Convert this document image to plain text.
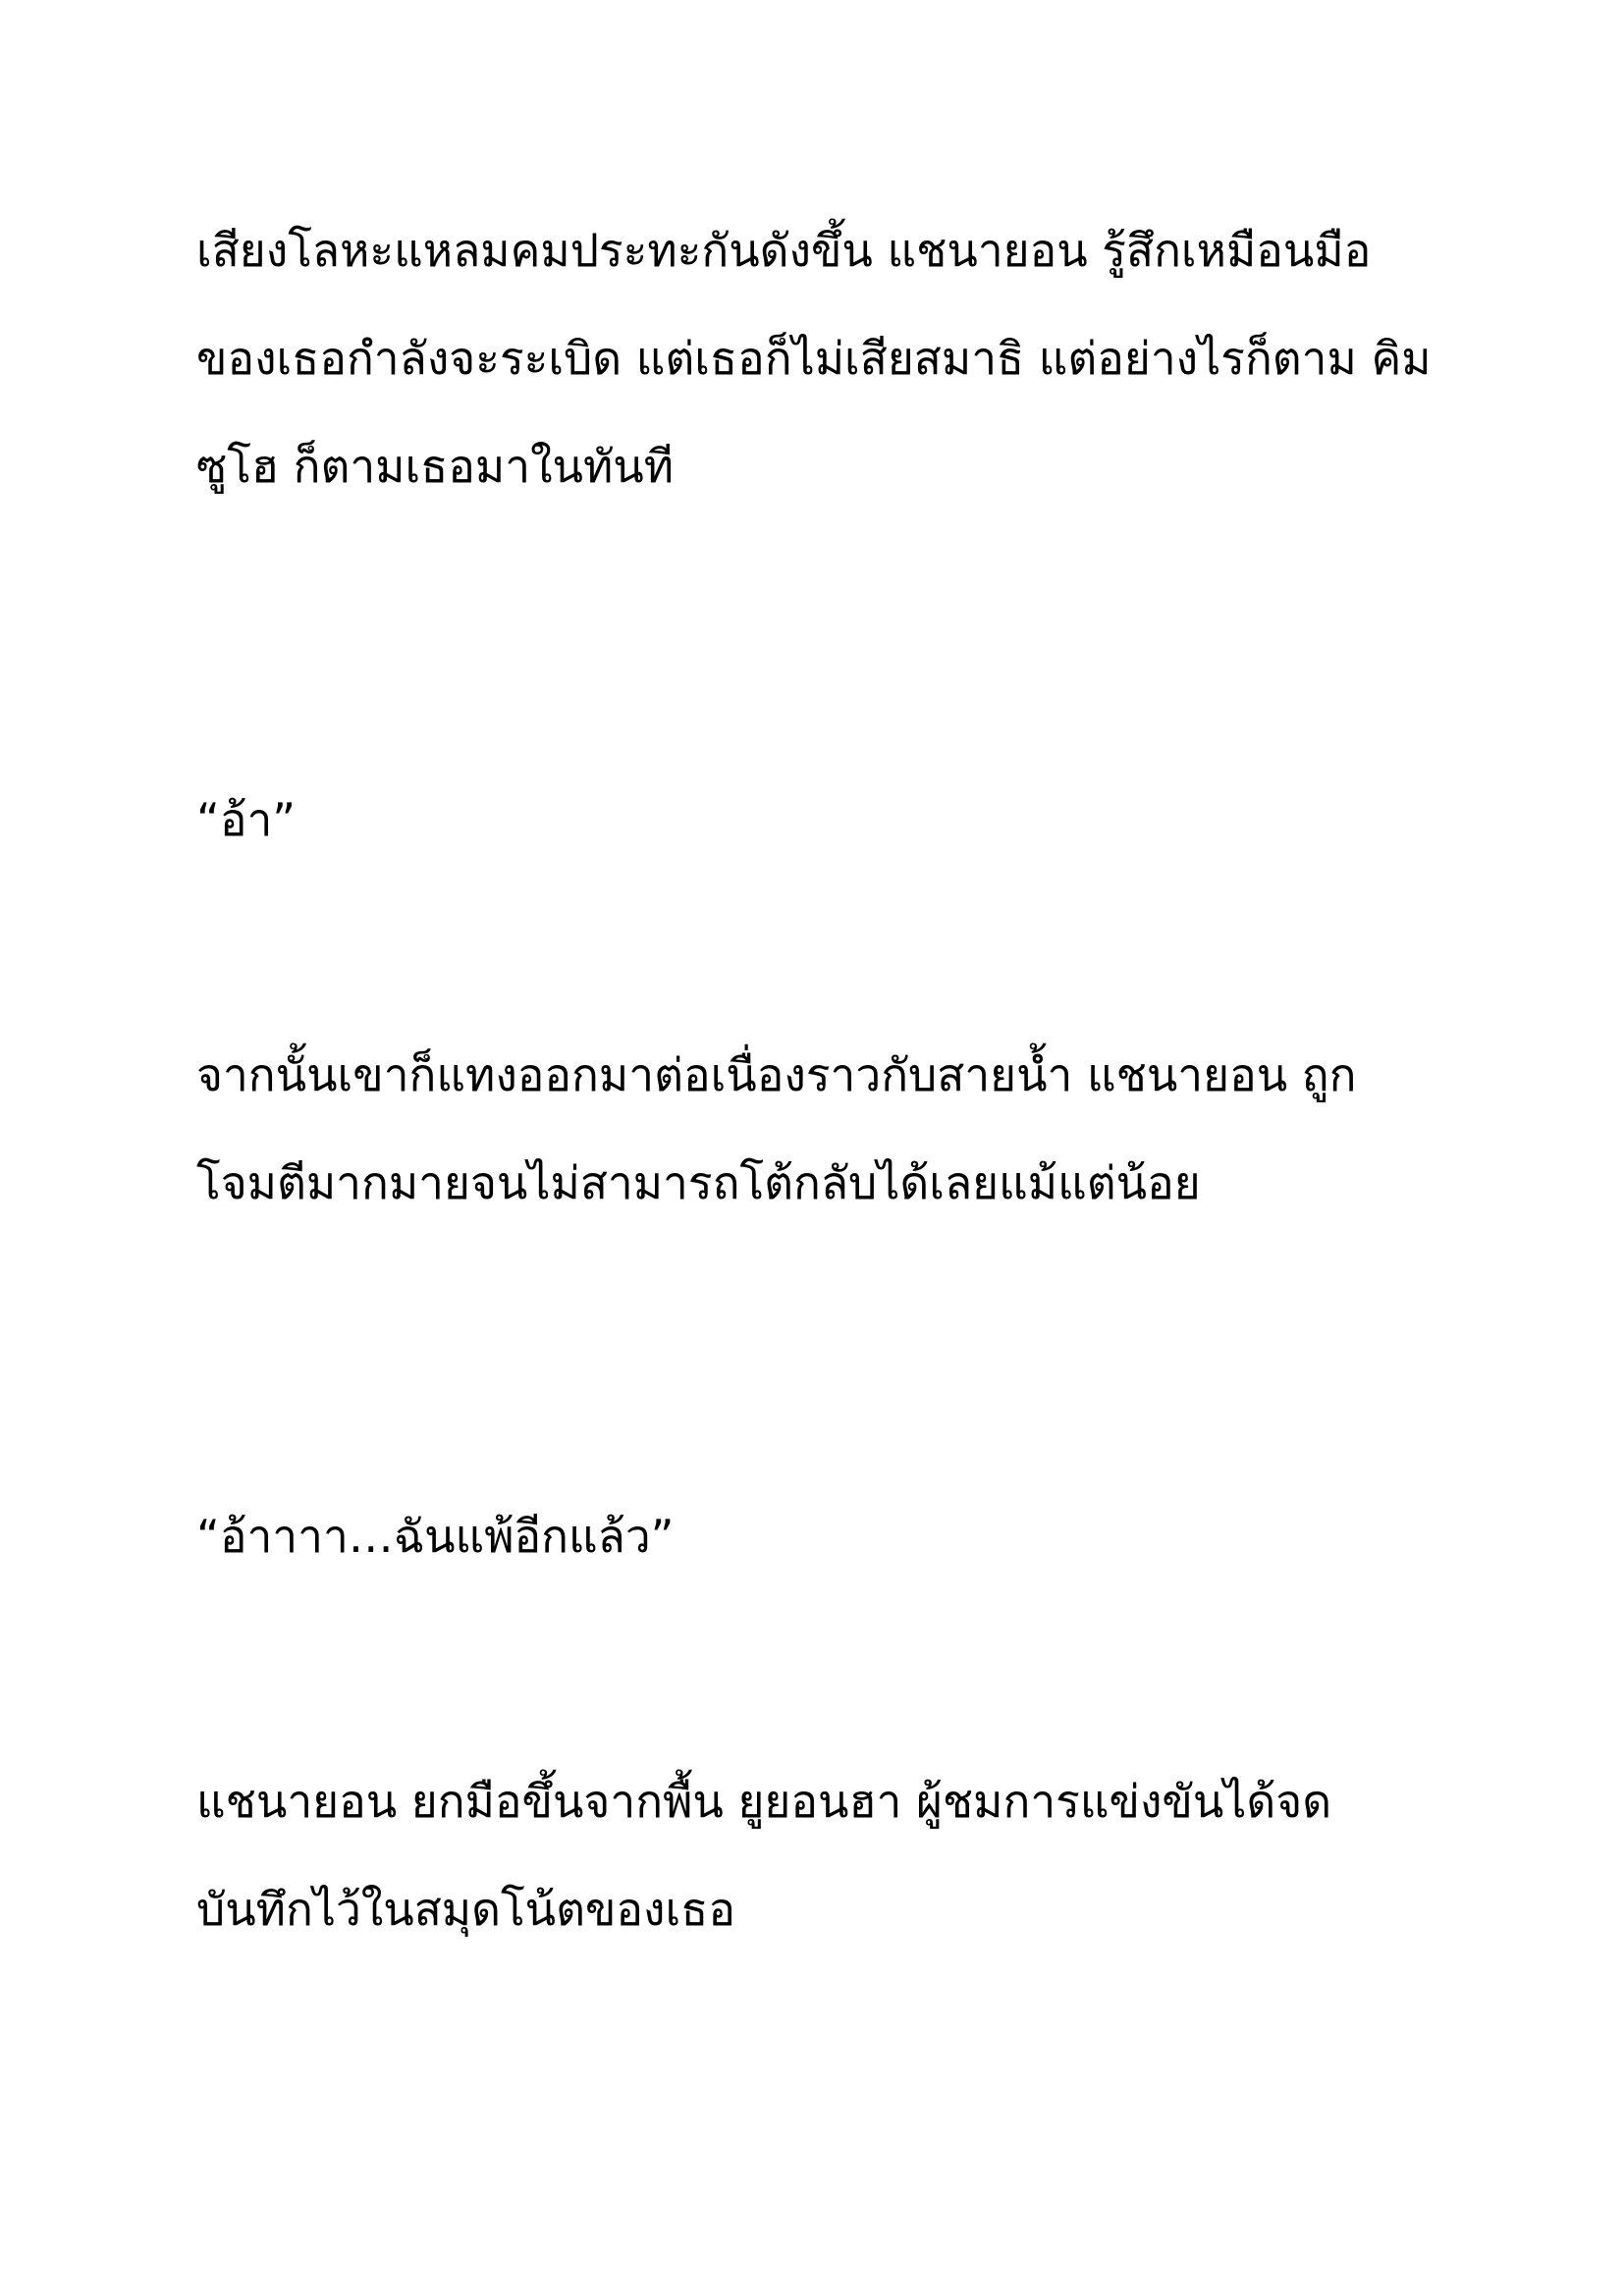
เสียงโลหะแหลมคมประทะกันดังขึ้น แชนายอน รู้สึกเหมือนมือ
ของเธอกำลังจะระเบิด แต่เธอก็ไม่เสียสมาธิ แต่อย่างไรก็ตาม คิม
ซูโฮ ก็ตามเธอมาในทันที

“อ้า”

จากนั้นเขาก็แทงออกมาต่อเนื่องราวกับสายน้ำ แชนายอน ถูก
โจมตีมากมายจนไม่สามารถโต้กลับได้เลยแม้แต่น้อย

“อ้าาาา…ฉันแพ้อีกแล้ว”

แชนายอน ยกมือขึ้นจากพื้น ยูยอนฮา ผู้ชมการแข่งขันได้จด
บันทึกไว้ในสมุดโน้ตของเธอ
